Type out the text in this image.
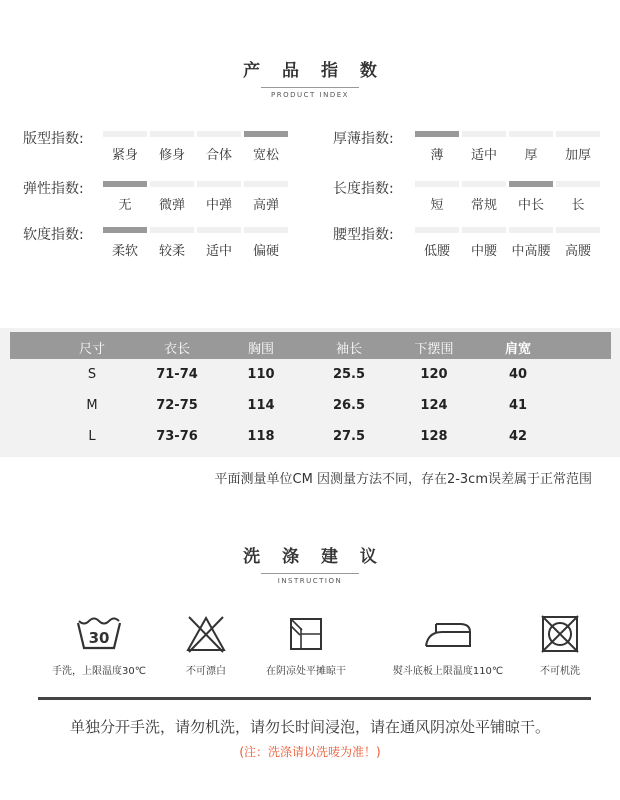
产 品 指 数
PRODUCT INDEX
版型指数:
紧身	修身	合体	宽松
厚薄指数:
薄	适中	厚	加厚
弹性指数:
无	微弹	中弹	高弹
长度指数:
短	常规	中长	长
软度指数:
柔软	较柔	适中	偏硬
腰型指数:
低腰	中腰	中高腰	高腰
尺寸	衣长	胸围	袖长	下摆围	肩宽
S	71-74	110	25.5	120	40
M	72-75	114	26.5	124	41
L	73-76	118	27.5	128	42
平面测量单位CM 因测量方法不同，存在2-3cm误差属于正常范围
洗 涤 建 议
INSTRUCTION
30
手洗，上限温度30℃	不可漂白	在阴凉处平摊晾干	熨斗底板上限温度110℃	不可机洗
单独分开手洗，请勿机洗，请勿长时间浸泡，请在通风阴凉处平铺晾干。
(注：洗涤请以洗唛为准！)
